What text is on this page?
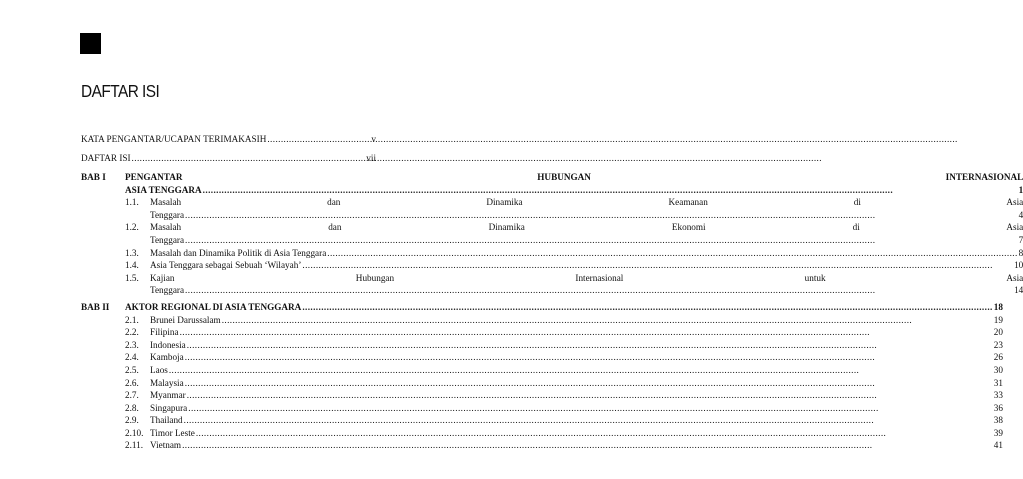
DAFTAR ISI
KATA PENGANTAR/UCAPAN TERIMAKASIH .....	v
DAFTAR ISI .....	vii
BAB I	PENGANTAR HUBUNGAN INTERNASIONAL
ASIA TENGGARA .....	1
1.1.	Masalah dan Dinamika Keamanan di Asia
Tenggara .....	4
1.2.	Masalah dan Dinamika Ekonomi di Asia
Tenggara .....	7
1.3.	Masalah dan Dinamika Politik di Asia Tenggara .....	8
1.4.	Asia Tenggara sebagai Sebuah ‘Wilayah’ .....	10
1.5.	Kajian Hubungan Internasional untuk Asia
Tenggara .....	14
BAB II	AKTOR REGIONAL DI ASIA TENGGARA .....	18
2.1.	Brunei Darussalam .....	19
2.2.	Filipina .....	20
2.3.	Indonesia .....	23
2.4.	Kamboja .....	26
2.5.	Laos .....	30
2.6.	Malaysia .....	31
2.7.	Myanmar .....	33
2.8.	Singapura .....	36
2.9.	Thailand .....	38
2.10. Timor Leste .....	39
2.11. Vietnam .....	41
